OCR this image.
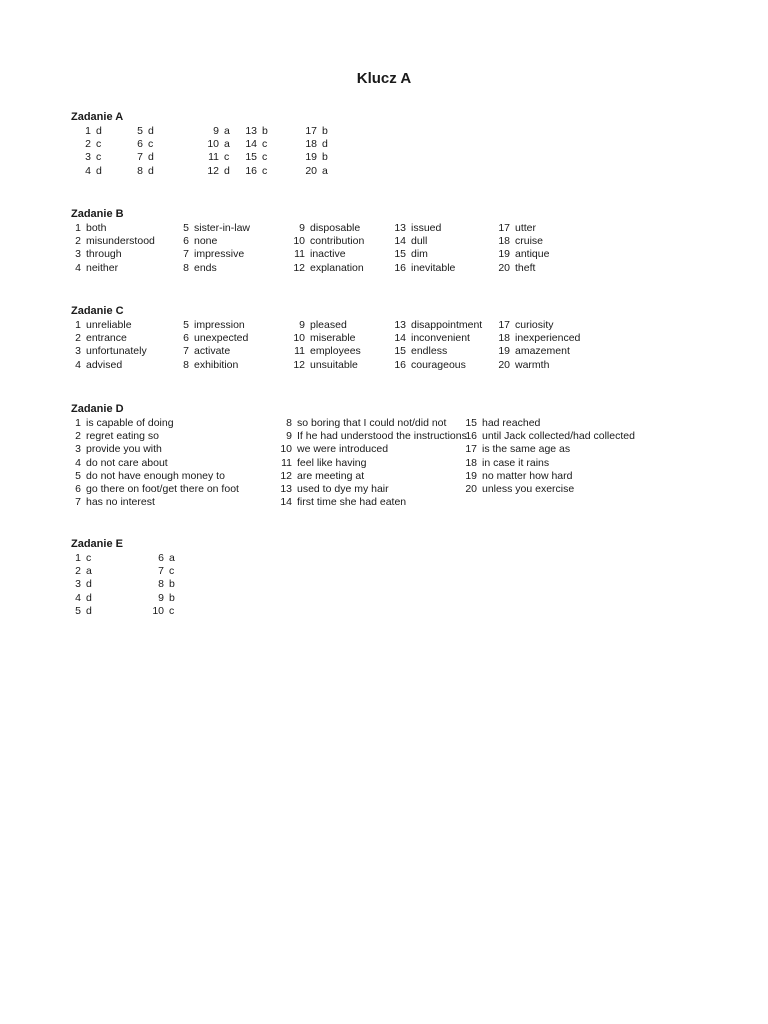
Klucz A
Zadanie A
1 d
2 c
3 c
4 d
5 d
6 c
7 d
8 d
9 a
10 a
11 c
12 d
13 b
14 c
15 c
16 c
17 b
18 d
19 b
20 a
Zadanie B
1 both
2 misunderstood
3 through
4 neither
5 sister-in-law
6 none
7 impressive
8 ends
9 disposable
10 contribution
11 inactive
12 explanation
13 issued
14 dull
15 dim
16 inevitable
17 utter
18 cruise
19 antique
20 theft
Zadanie C
1 unreliable
2 entrance
3 unfortunately
4 advised
5 impression
6 unexpected
7 activate
8 exhibition
9 pleased
10 miserable
11 employees
12 unsuitable
13 disappointment
14 inconvenient
15 endless
16 courageous
17 curiosity
18 inexperienced
19 amazement
20 warmth
Zadanie D
1 is capable of doing
2 regret eating so
3 provide you with
4 do not care about
5 do not have enough money to
6 go there on foot/get there on foot
7 has no interest
8 so boring that I could not/did not
9 If he had understood the instructions
10 we were introduced
11 feel like having
12 are meeting at
13 used to dye my hair
14 first time she had eaten
15 had reached
16 until Jack collected/had collected
17 is the same age as
18 in case it rains
19 no matter how hard
20 unless you exercise
Zadanie E
1 c
2 a
3 d
4 d
5 d
6 a
7 c
8 b
9 b
10 c
